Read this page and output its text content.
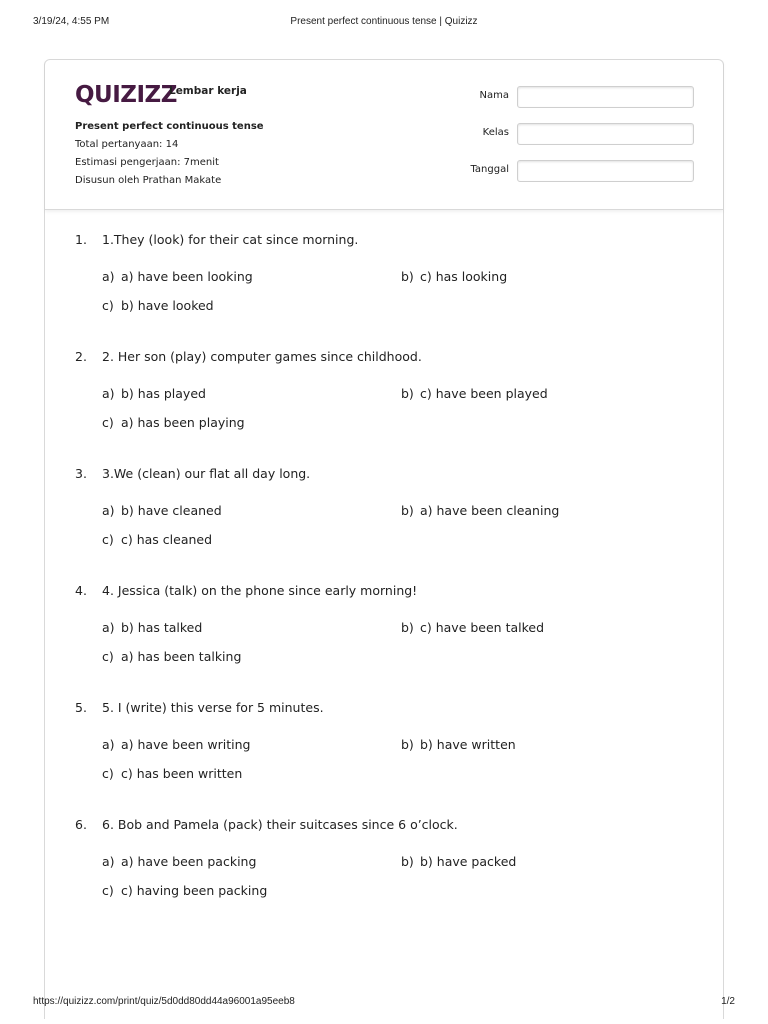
3/19/24, 4:55 PM	Present perfect continuous tense | Quizizz
QUIZIZZ
Lembar kerja
Present perfect continuous tense
Total pertanyaan: 14
Estimasi pengerjaan: 7menit
Disusun oleh Prathan Makate
Nama
Kelas
Tanggal
1. 1.They (look) for their cat since morning.
a) a) have been looking	b) c) has looking
c) b) have looked
2. 2. Her son (play) computer games since childhood.
a) b) has played	b) c) have been played
c) a) has been playing
3. 3.We (clean) our flat all day long.
a) b) have cleaned	b) a) have been cleaning
c) c) has cleaned
4. 4. Jessica (talk) on the phone since early morning!
a) b) has talked	b) c) have been talked
c) a) has been talking
5. 5. I (write) this verse for 5 minutes.
a) a) have been writing	b) b) have written
c) c) has been written
6. 6. Bob and Pamela (pack) their suitcases since 6 o’clock.
a) a) have been packing	b) b) have packed
c) c) having been packing
https://quizizz.com/print/quiz/5d0dd80dd44a96001a95eeb8	1/2
